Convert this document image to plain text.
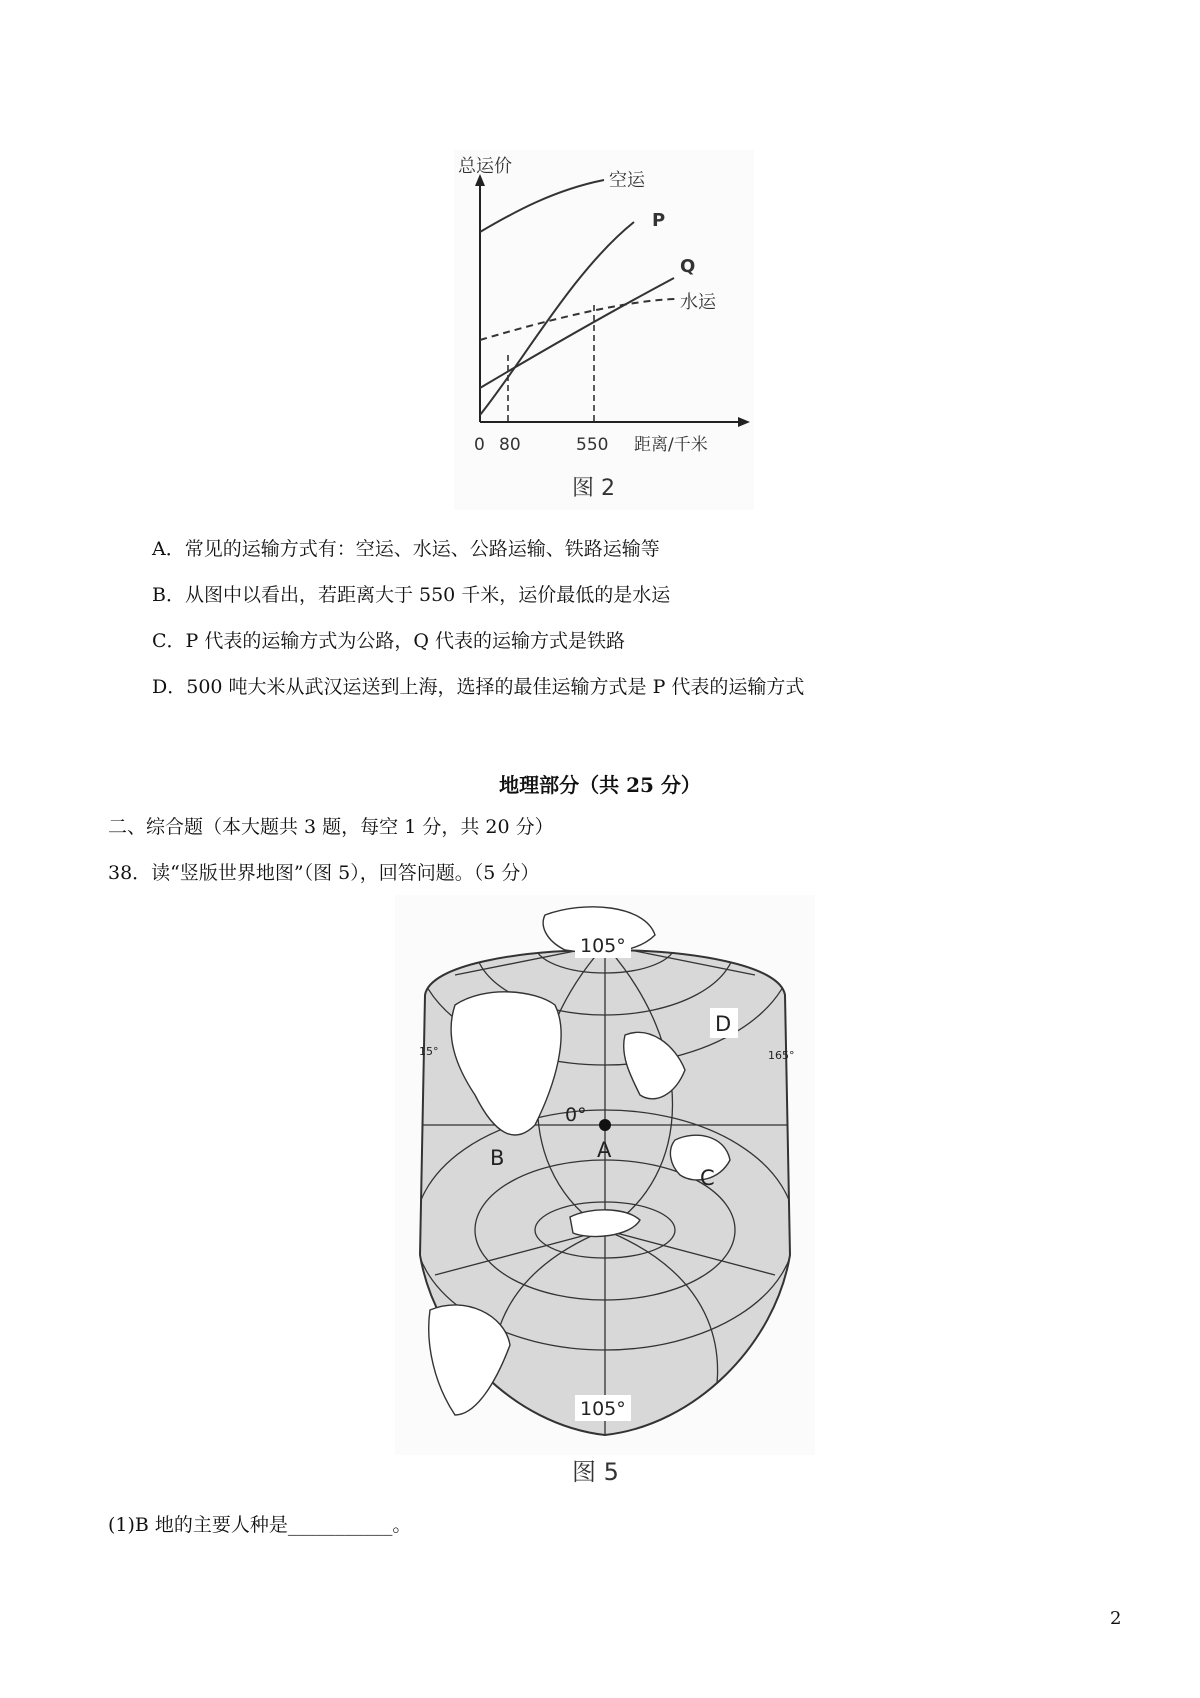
总运价
空运
P
Q
水运
0 80	550 距离/千米
图 2
A．常见的运输方式有：空运、水运、公路运输、铁路运输等
B．从图中以看出，若距离大于 550 千米，运价最低的是水运
C．P 代表的运输方式为公路，Q 代表的运输方式是铁路
D．500 吨大米从武汉运送到上海，选择的最佳运输方式是 P 代表的运输方式
地理部分（共 25 分）
二、综合题（本大题共 3 题，每空 1 分，共 20 分）
38．读“竖版世界地图”（图 5），回答问题。（5 分）
105°
D
15°	165°
0°
A
B
C
105°
图 5
(1)B 地的主要人种是___________。
2
